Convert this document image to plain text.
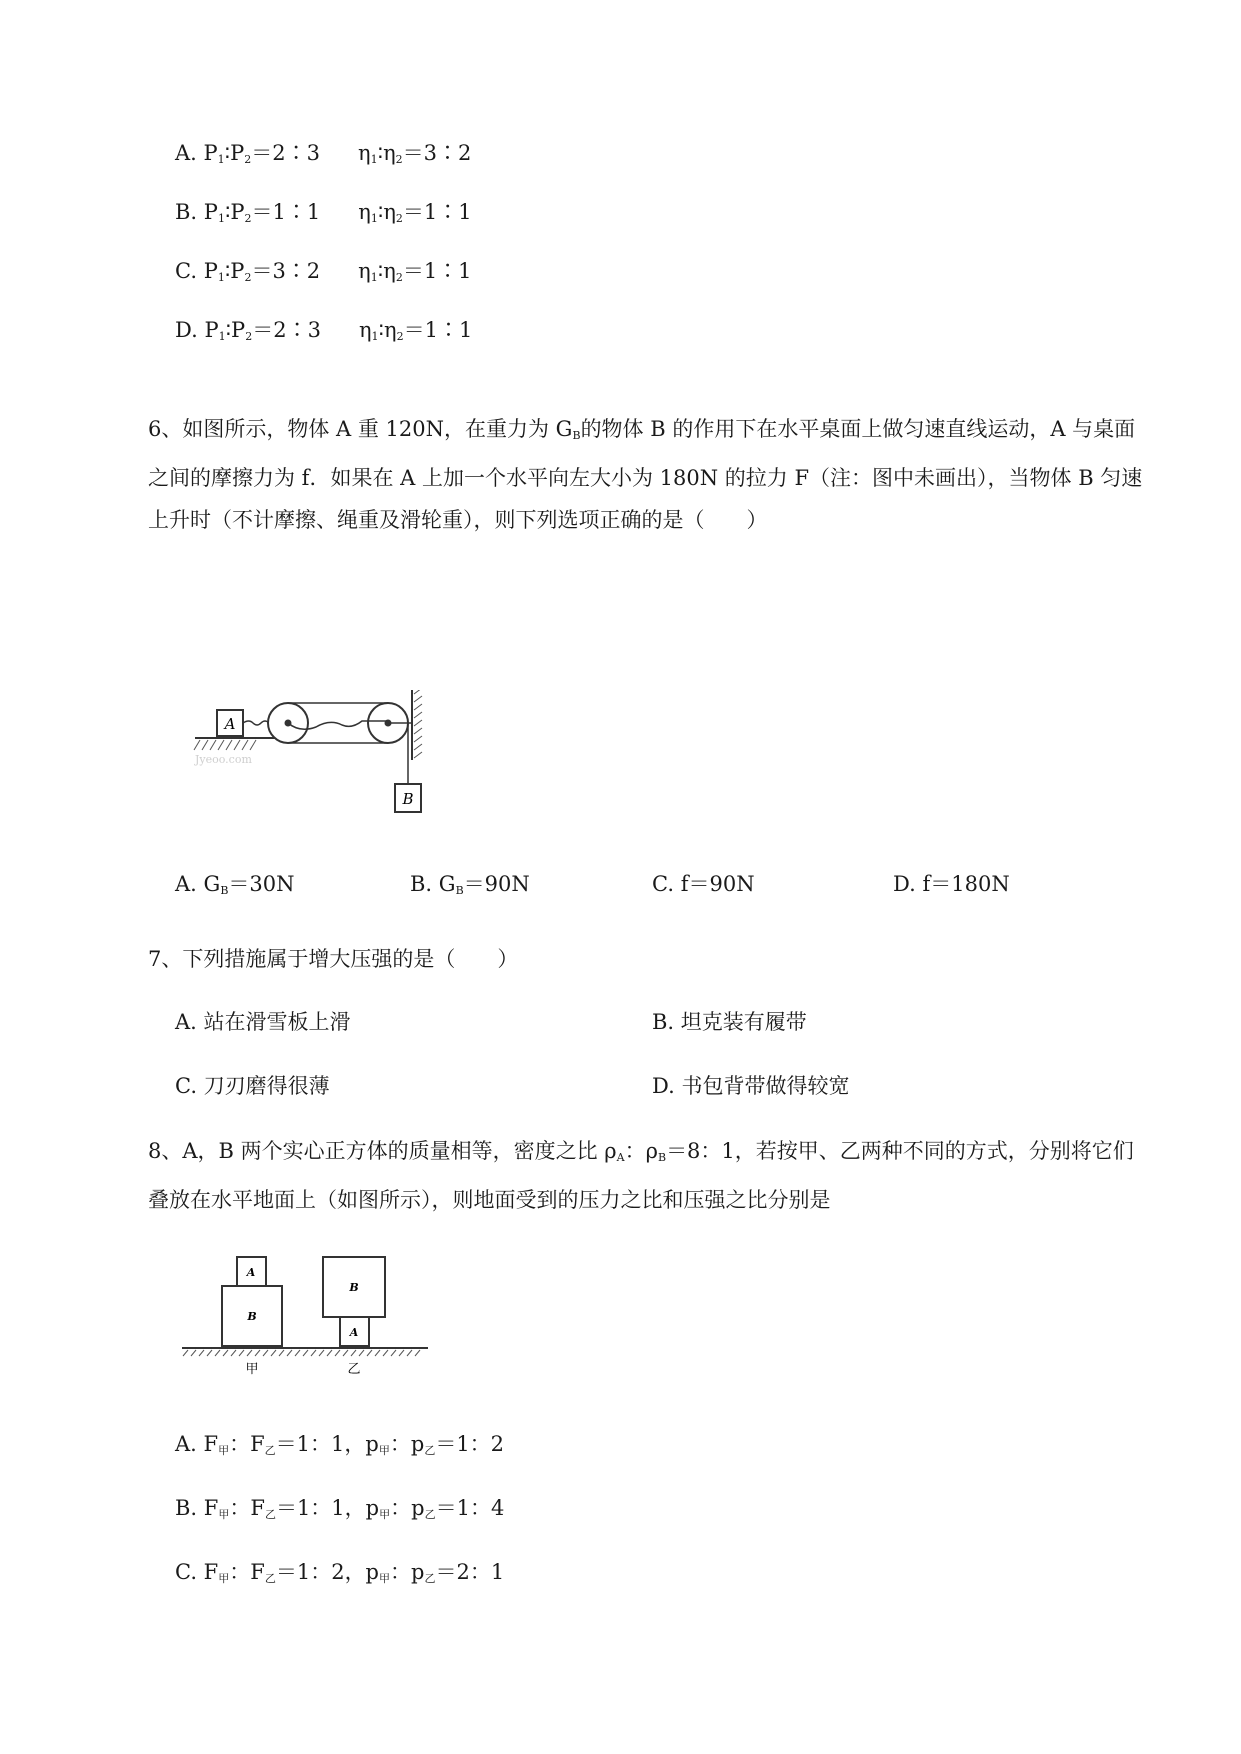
A. $P_1∶P_2=2∶3$ $\eta_1∶\eta_2=3∶2$
B. $P_1∶P_2=1∶1$ $\eta_1∶\eta_2=1∶1$
C. $P_1∶P_2=3∶2$ $\eta_1∶\eta_2=1∶1$
D. $P_1∶P_2=2∶3$ $\eta_1∶\eta_2=1∶1$
6、如图所示，物体 A 重 120N，在重力为 $G_B$的物体 B 的作用下在水平桌面上做匀速直线运动，A 与桌面之间的摩擦力为 f．如果在 A 上加一个水平向左大小为 180N 的拉力 F（注：图中未画出），当物体 B 匀速上升时（不计摩擦、绳重及滑轮重），则下列选项正确的是（　　）
A
B
Jyeoo.com
A. $G_B=30N$	B. $G_B=90N$	C. f＝90N	D. f＝180N
7、下列措施属于增大压强的是（　　）
A. 站在滑雪板上滑	B. 坦克装有履带
C. 刀刃磨得很薄	D. 书包背带做得较宽
8、A，B 两个实心正方体的质量相等，密度之比 $\rho_A$：$\rho_B=8$：1，若按甲、乙两种不同的方式，分别将它们叠放在水平地面上（如图所示），则地面受到的压力之比和压强之比分别是
B
A
甲
A
B
乙
A. $F_甲$：$F_乙=1$：1，$p_甲$：$p_乙=1$：2
B. $F_甲$：$F_乙=1$：1，$p_甲$：$p_乙=1$：4
C. $F_甲$：$F_乙=1$：2，$p_甲$：$p_乙=2$：1
